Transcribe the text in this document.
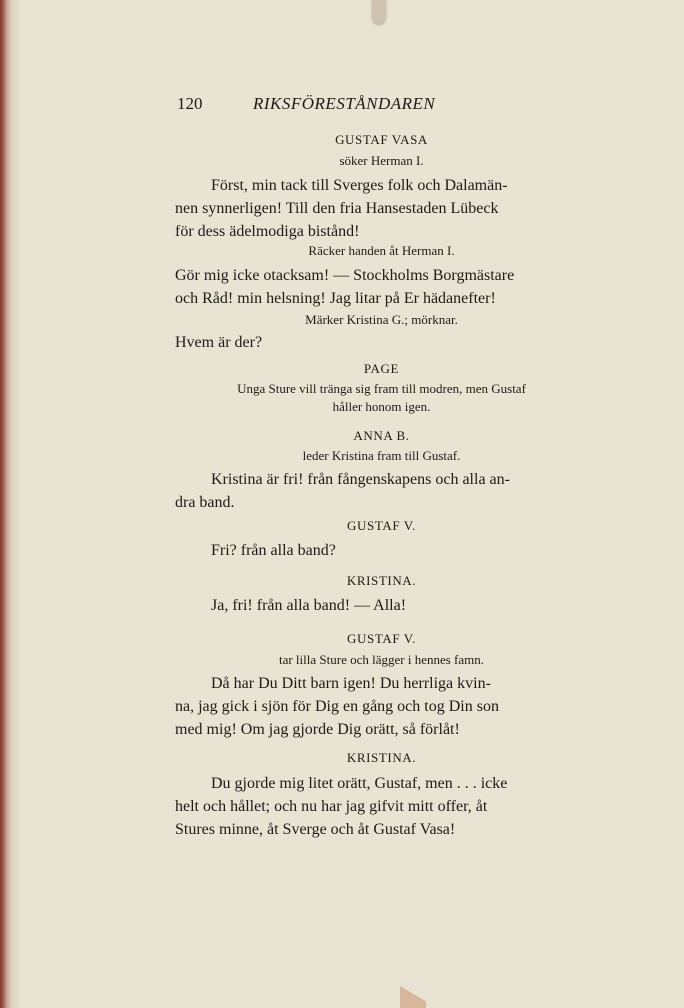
120	RIKSFÖRESTÅNDAREN
GUSTAF VASA
söker Herman I.
Först, min tack till Sverges folk och Dalamän-
nen synnerligen! Till den fria Hansestaden Lübeck
för dess ädelmodiga bistånd!
Räcker handen åt Herman I.
Gör mig icke otacksam! — Stockholms Borgmästare
och Råd! min helsning! Jag litar på Er hädanefter!
Märker Kristina G.; mörknar.
Hvem är der?
PAGE
Unga Sture vill tränga sig fram till modren, men Gustaf
håller honom igen.
ANNA B.
leder Kristina fram till Gustaf.
Kristina är fri! från fångenskapens och alla an-
dra band.
GUSTAF V.
Fri? från alla band?
KRISTINA.
Ja, fri! från alla band! — Alla!
GUSTAF V.
tar lilla Sture och lägger i hennes famn.
Då har Du Ditt barn igen! Du herrliga kvin-
na, jag gick i sjön för Dig en gång och tog Din son
med mig! Om jag gjorde Dig orätt, så förlåt!
KRISTINA.
Du gjorde mig litet orätt, Gustaf, men . . . icke
helt och hållet; och nu har jag gifvit mitt offer, åt
Stures minne, åt Sverge och åt Gustaf Vasa!
